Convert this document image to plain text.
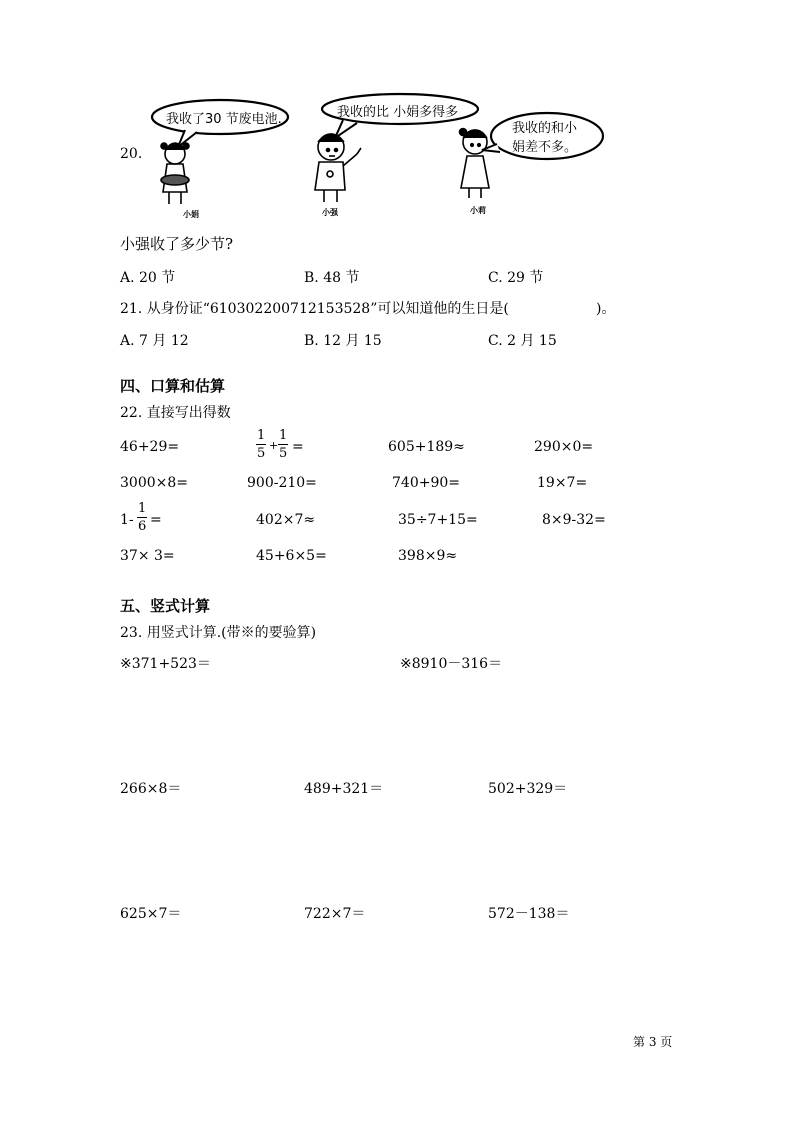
20.
我收了30 节废电池.	我收的比 小娟多得多
我收的和小
娟差不多。
小娟	小强	小莉
小强收了多少节?
A. 20 节	B. 48 节	C. 29 节
21. 从身份证“610302200712153528”可以知道他的生日是(	)。
A. 7 月 12	B. 12 月 15	C. 2 月 15
四、口算和估算
22. 直接写出得数
46+29=	$\frac{1}{5} + \frac{1}{5}$ =	605+189≈	290×0=
3000×8=	900-210=	740+90=	19×7=
$1- \frac{1}{6}$ =	402×7≈	35÷7+15=	8×9-32=
37× 3=	45+6×5=	398×9≈
五、竖式计算
23. 用竖式计算.(带※的要验算)
※371+523＝	※8910－316＝
266×8＝	489+321＝	502+329＝
625×7＝	722×7＝	572－138＝
第 3 页
